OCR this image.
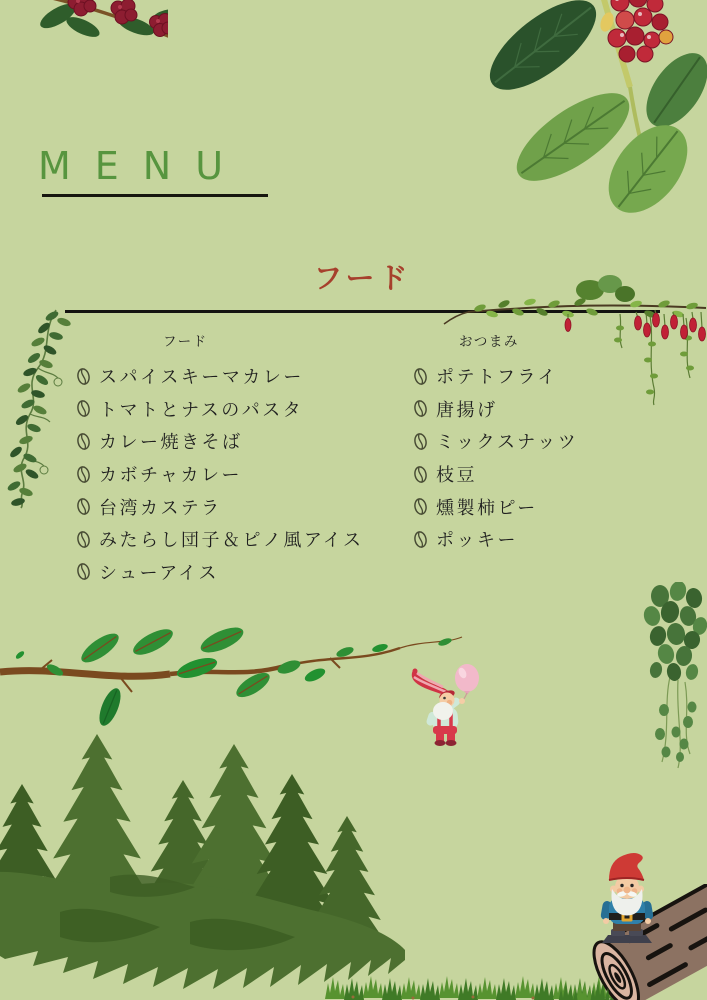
MENU
フード
フード	おつまみ
スパイスキーマカレー
トマトとナスのパスタ
カレー焼きそば
カボチャカレー
台湾カステラ
みたらし団子＆ピノ風アイス
シューアイス
ポテトフライ
唐揚げ
ミックスナッツ
枝豆
燻製柿ピー
ポッキー
